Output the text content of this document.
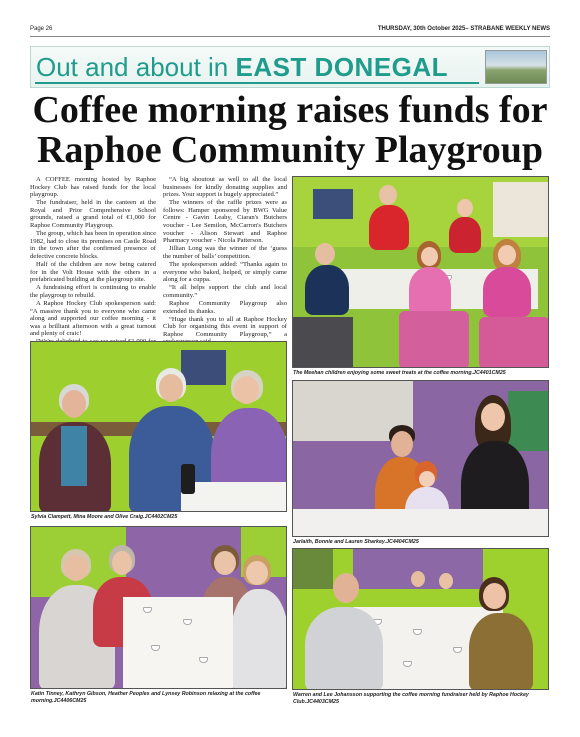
Page 26	THURSDAY, 30th October 2025– STRABANE WEEKLY NEWS
Out and about in EAST DONEGAL
Coffee morning raises funds for Raphoe Community Playgroup

A COFFEE morning hosted by Raphoe Hockey Club has raised funds for the local playgroup.

The fundraiser, held in the canteen at the Royal and Prior Comprehensive School grounds, raised a grand total of €1,000 for Raphoe Community Playgroup.

The group, which has been in operation since 1982, had to close its premises on Castle Road in the town after the confirmed presence of defective concrete blocks.

Half of the children are now being catered for in the Volt House with the others in a prefabricated building at the playgroup site.

A fundraising effort is continuing to enable the playgroup to rebuild.

A Raphoe Hockey Club spokesperson said: “A massive thank you to everyone who came along and supported our coffee morning - it was a brilliant afternoon with a great turnout and plenty of craic!

“A big shoutout as well to all the local businesses for kindly donating supplies and prizes. Your support is hugely appreciated.”

The winners of the raffle prizes were as follows: Hamper sponsored by BWG Value Centre - Gavin Leahy, Ciaran's Butchers voucher - Lee Semilon, McCarron's Butchers voucher - Alison Stewart and Raphoe Pharmacy voucher - Nicola Patterson.

Jillian Long was the winner of the ‘guess the number of balls’ competition.

The spokesperson added: “Thanks again to everyone who baked, helped, or simply came along for a cuppa.

“It all helps support the club and local community.”

Raphoe Community Playgroup also extended its thanks.

“Huge thank you to all at Raphoe Hockey Club for organising this event in support of Raphoe Community Playgroup,” a

The Meehan children enjoying some sweet treats at the coffee morning.JC4401CM25
Sylvia Clampett, Mina Moore and Olive Craig.JC4402CM25
Jarlaith, Bonnie and Lauren Sharkey.JC4404CM25
Katin Tinney, Kathryn Gibson, Heather Peoples and Lynsey Robinson relaxing at the coffee morning.JC4406CM25
Warren and Lee Johansson supporting the coffee morning fundraiser held by Raphoe Hockey Club.JC4403CM25
